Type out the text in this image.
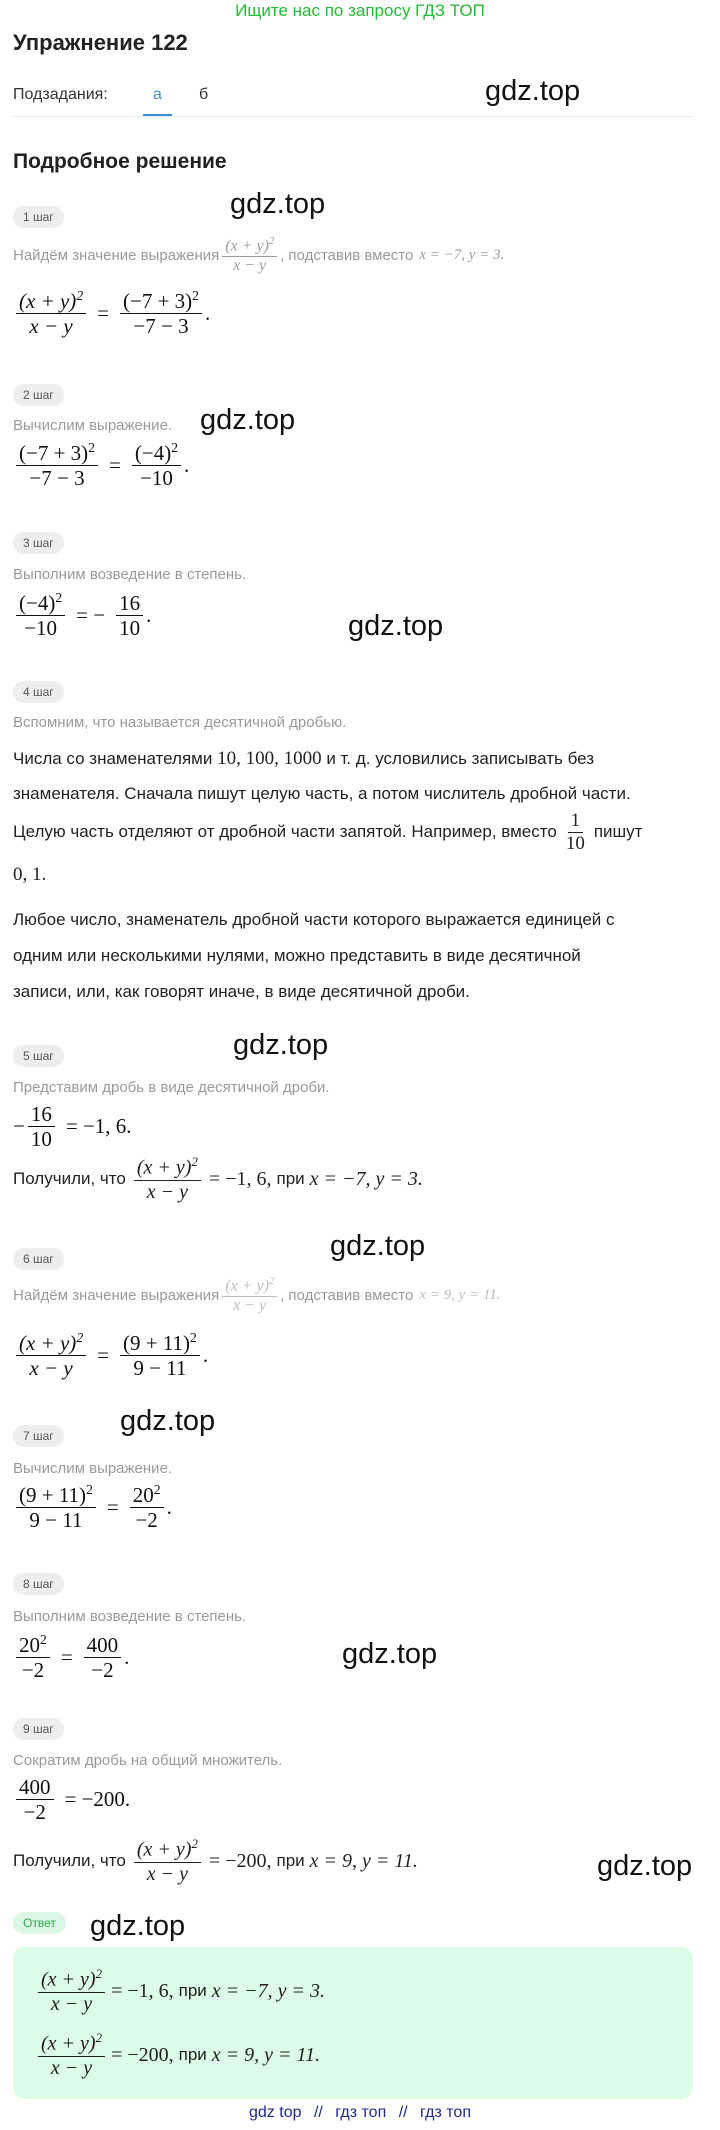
Ищите нас по запросу ГДЗ ТОП
Упражнение 122
Подзадания:	а б
Подробное решение
gdz.top
gdz.top
gdz.top
gdz.top
gdz.top
gdz.top
gdz.top
gdz.top
gdz.top
gdz.top
1 шаг
Найдём значение выражения $\frac{(x + y)^2}{x - y}$ , подставив вместо x = −7, y = 3.
$\frac{(x + y)^2}{x - y} = \frac{(-7 + 3)^2}{-7 - 3}$ .
2 шаг
Вычислим выражение.
$\frac{(-7 + 3)^2}{-7 - 3} = \frac{(-4)^2}{-10}$ .
3 шаг
Выполним возведение в степень.
$\frac{(-4)^2}{-10}$ = − $\frac{16}{10}$ .
4 шаг
Вспомним, что называется десятичной дробью.
Числа со знаменателями 10, 100, 1000 и т. д. условились записывать без
знаменателя. Сначала пишут целую часть, а потом числитель дробной части.
Целую часть отделяют от дробной части запятой. Например, вместо $\frac{1}{10}$ пишут
0, 1.
Любое число, знаменатель дробной части которого выражается единицей с
одним или несколькими нулями, можно представить в виде десятичной
записи, или, как говорят иначе, в виде десятичной дроби.
5 шаг
Представим дробь в виде десятичной дроби.
− $\frac{16}{10} = -1$, 6.
Получили, что $\frac{(x + y)^2}{x - y} = -1$, 6, при x = −7, y = 3.
6 шаг
Найдём значение выражения $\frac{(x + y)^2}{x - y}$ , подставив вместо x = 9, y = 11.
$\frac{(x + y)^2}{x - y} = \frac{(9 + 11)^2}{9 - 11}$ .
7 шаг
Вычислим выражение.
$\frac{(9 + 11)^2}{9 - 11} = \frac{20^2}{-2}$ .
8 шаг
Выполним возведение в степень.
$\frac{20^2}{-2} = \frac{400}{-2}$ .
9 шаг
Сократим дробь на общий множитель.
$\frac{400}{-2} = -200$.
Получили, что $\frac{(x + y)^2}{x - y} = -200$, при x = 9, y = 11.
Ответ
$\frac{(x + y)^2}{x - y} = -1$, 6, при x = −7, y = 3.
$\frac{(x + y)^2}{x - y} = -200$, при x = 9, y = 11.
gdz top // гдз топ // гдз топ
